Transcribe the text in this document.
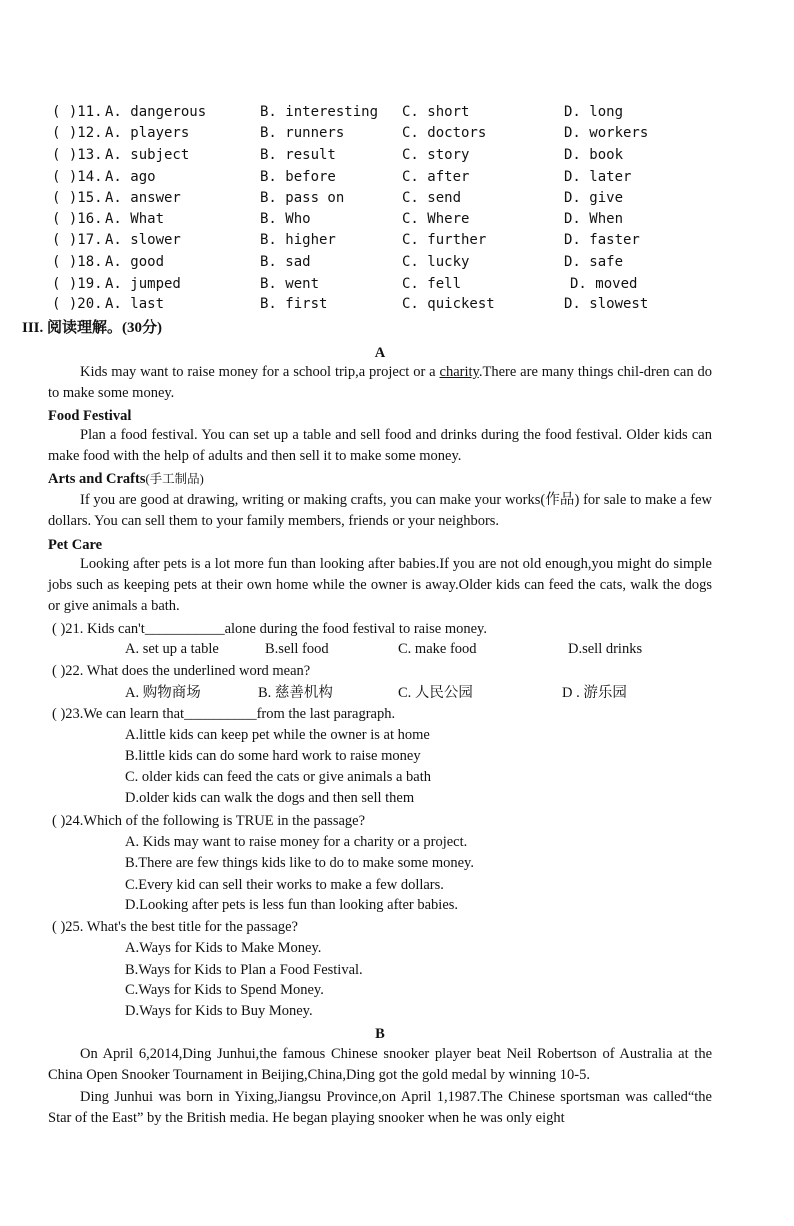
( )11. A. dangerous	B. interesting C. short	D. long
( )12. A. players	B. runners	C. doctors	D. workers
( )13. A. subject	B. result	C. story	D. book
( )14. A. ago	B. before	C. after	D. later
( )15. A. answer	B. pass on	C. send	D. give
( )16. A. What	B. Who	C. Where	D. When
( )17. A. slower	B. higher	C. further	D. faster
( )18. A. good	B. sad	C. lucky	D. safe
( )19. A. jumped	B. went	C. fell	D. moved
( )20. A. last	B. first	C. quickest	D. slowest
III. 阅读理解。(30分)
A
Kids may want to raise money for a school trip,a project or a charity.There are many things chil-dren can do to make some money.
Food Festival
Plan a food festival. You can set up a table and sell food and drinks during the food festival. Older kids can make food with the help of adults and then sell it to make some money.
Arts and Crafts(手工制品)
If you are good at drawing, writing or making crafts, you can make your works(作品) for sale to make a few dollars. You can sell them to your family members, friends or your neighbors.
Pet Care
Looking after pets is a lot more fun than looking after babies.If you are not old enough,you might do simple jobs such as keeping pets at their own home while the owner is away.Older kids can feed the cats, walk the dogs or give animals a bath.
( )21. Kids can't___________alone during the food festival to raise money.
A. set up a table	B.sell food	C. make food	D.sell drinks
( )22. What does the underlined word mean?
A. 购物商场	B. 慈善机构	C. 人民公园	D . 游乐园
( )23.We can learn that__________from the last paragraph.
A.little kids can keep pet while the owner is at home
B.little kids can do some hard work to raise money
C. older kids can feed the cats or give animals a bath
D.older kids can walk the dogs and then sell them
( )24.Which of the following is TRUE in the passage?
A. Kids may want to raise money for a charity or a project.
B.There are few things kids like to do to make some money.
C.Every kid can sell their works to make a few dollars.
D.Looking after pets is less fun than looking after babies.
( )25. What's the best title for the passage?
A.Ways for Kids to Make Money.
B.Ways for Kids to Plan a Food Festival.
C.Ways for Kids to Spend Money.
D.Ways for Kids to Buy Money.
B
On April 6,2014,Ding Junhui,the famous Chinese snooker player beat Neil Robertson of Australia at the China Open Snooker Tournament in Beijing,China,Ding got the gold medal by winning 10-5.
Ding Junhui was born in Yixing,Jiangsu Province,on April 1,1987.The Chinese sportsman was called“the Star of the East” by the British media. He began playing snooker when he was only eight
